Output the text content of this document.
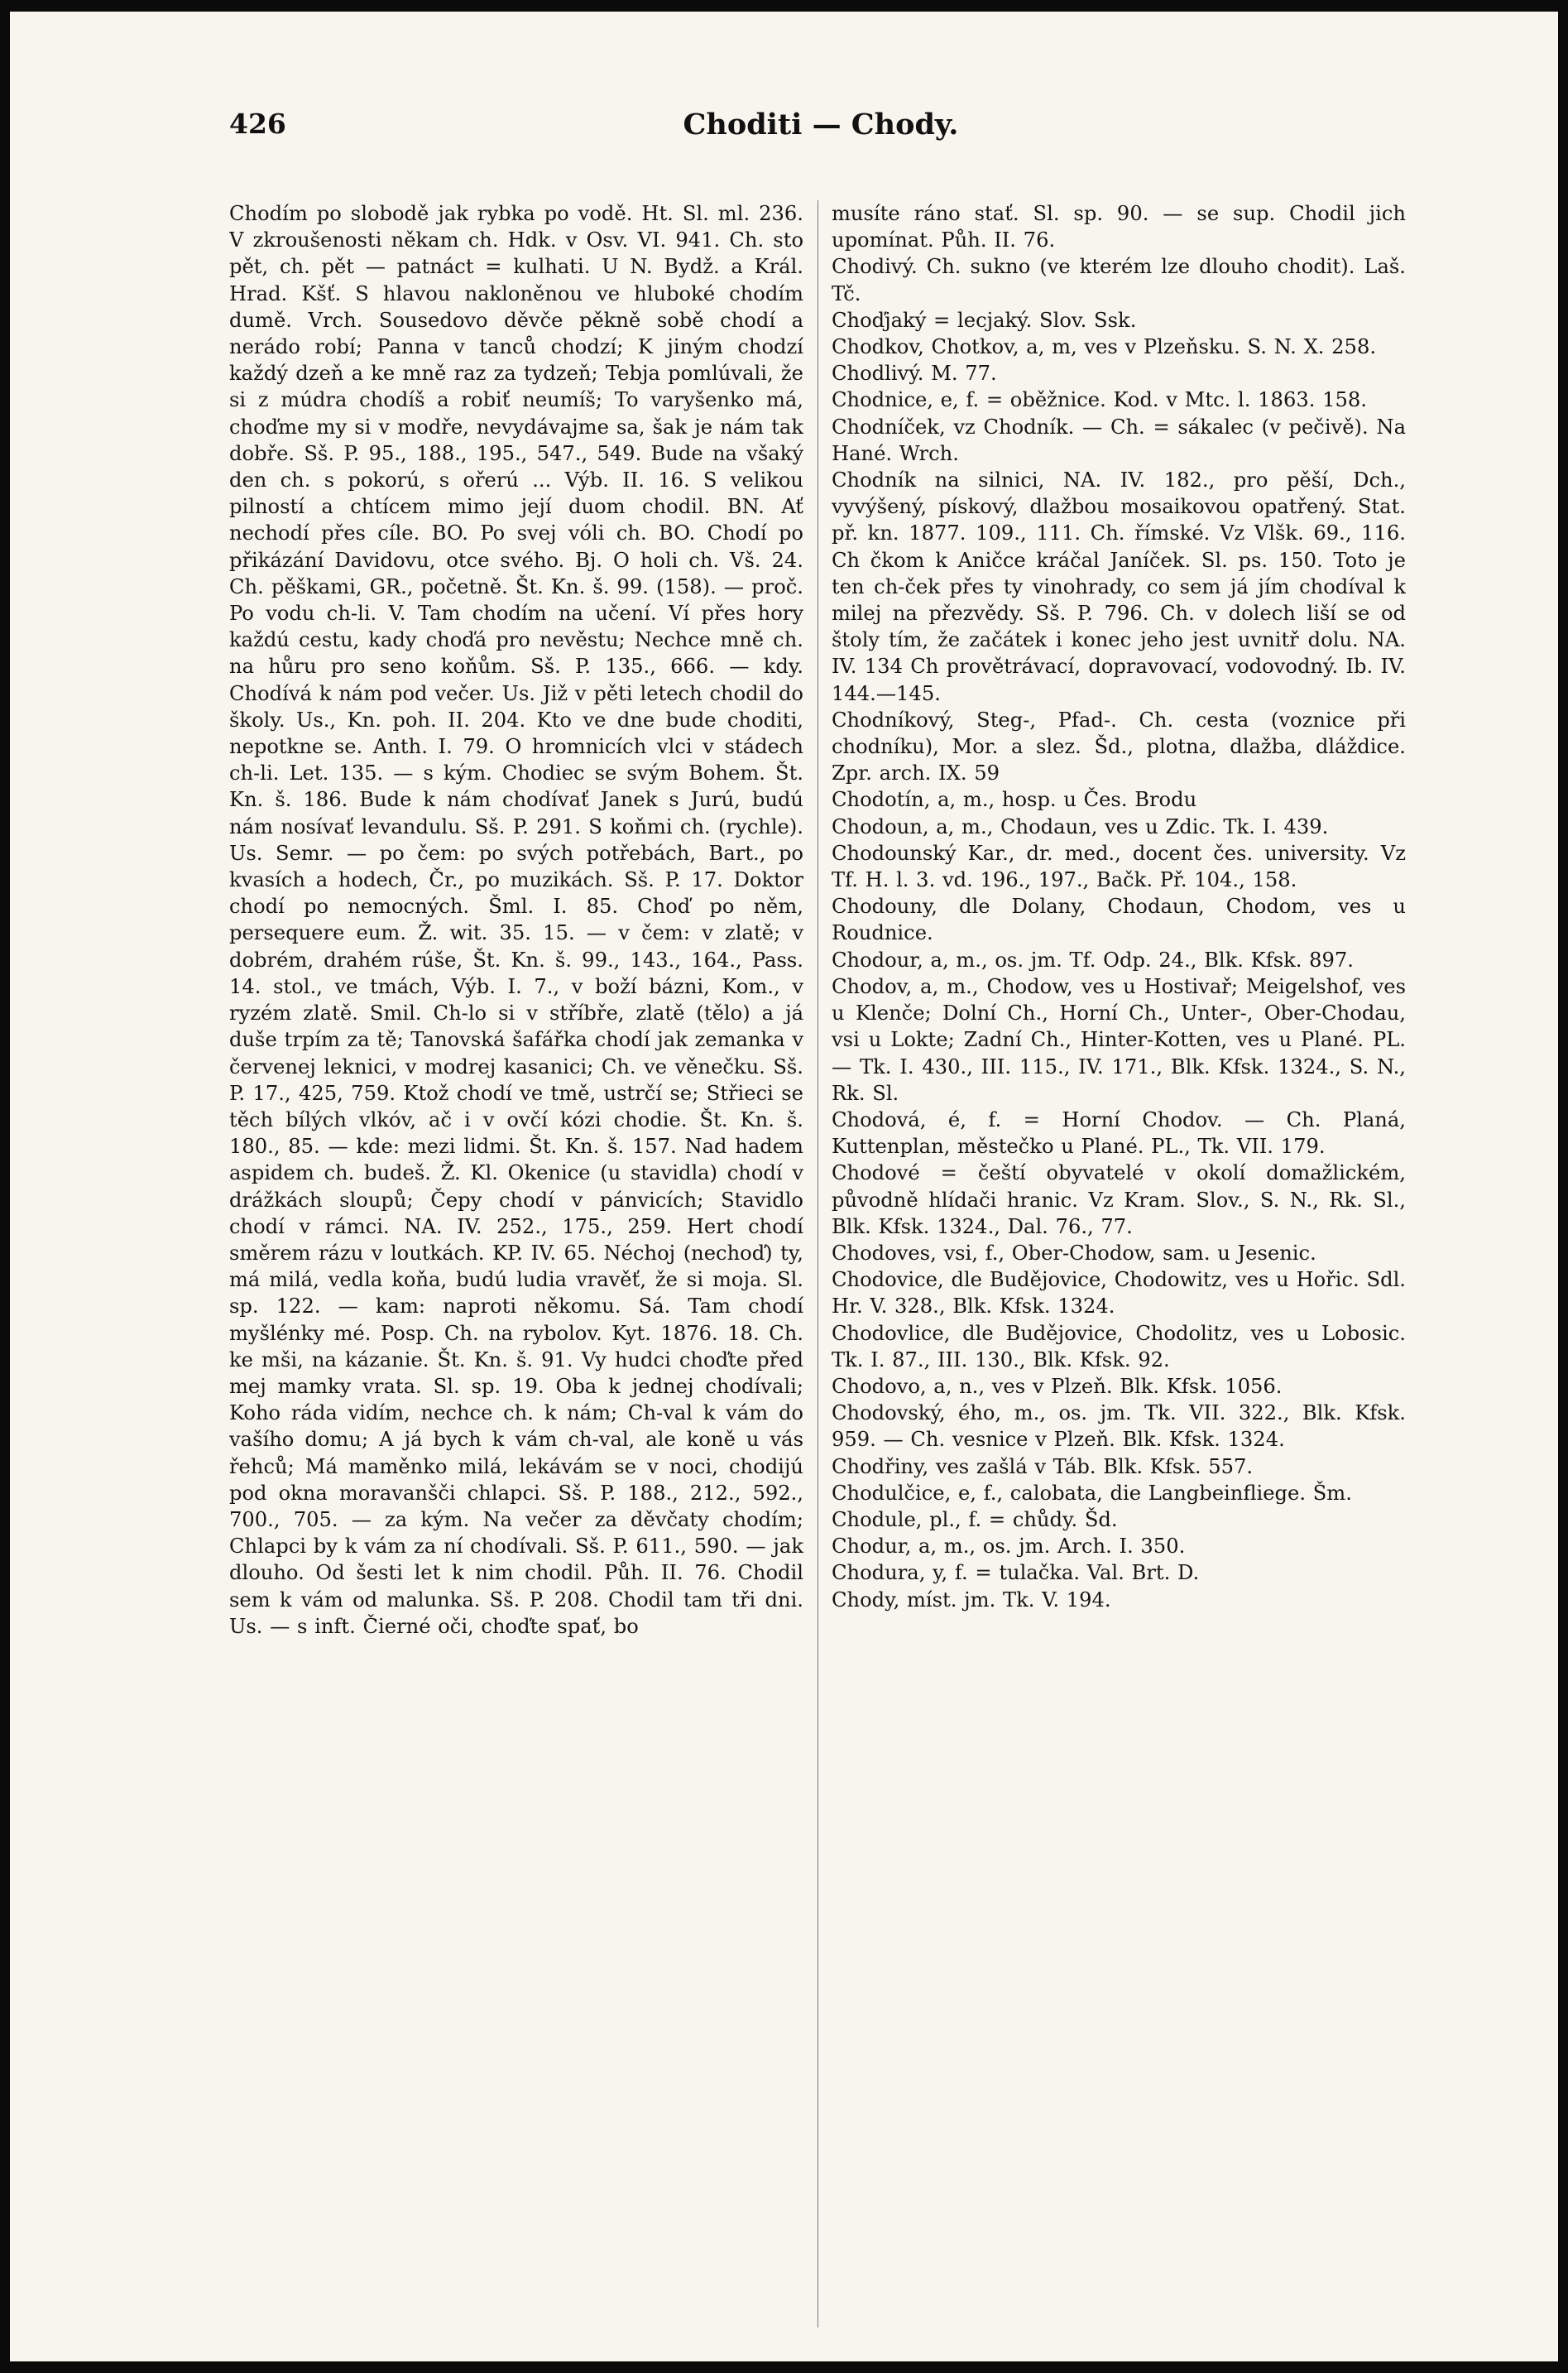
426	Choditi — Chody.

Chodím po slobodě jak rybka po vodě. Ht. Sl. ml. 236. V zkroušenosti někam ch. Hdk. v Osv. VI. 941. Ch. sto pět, ch. pět — patnáct = kulhati. U N. Bydž. a Král. Hrad. Kšť. S hlavou nakloněnou ve hluboké chodím dumě. Vrch. Sousedovo děvče pěkně sobě chodí a nerádo robí; Panna v tanců chodzí; K jiným chodzí každý dzeň a ke mně raz za tydzeň; Tebja pomlúvali, že si z múdra chodíš a robiť neumíš; To varyšenko má, choďme my si v modře, nevydávajme sa, šak je nám tak dobře. Sš. P. 95., 188., 195., 547., 549. Bude na všaký den ch. s pokorú, s ořerú ... Výb. II. 16. S velikou pilností a chtícem mimo její duom chodil. BN. Ať nechodí přes cíle. BO. Po svej vóli ch. BO. Chodí po přikázání Davidovu, otce svého. Bj. O holi ch. Vš. 24. Ch. pěškami, GR., početně. Št. Kn. š. 99. (158). — proč. Po vodu ch-li. V. Tam chodím na učení. Ví přes hory každú cestu, kady choďá pro nevěstu; Nechce mně ch. na hůru pro seno koňům. Sš. P. 135., 666. — kdy. Chodívá k nám pod večer. Us. Již v pěti letech chodil do školy. Us., Kn. poh. II. 204. Kto ve dne bude choditi, nepotkne se. Anth. I. 79. O hromnicích vlci v stádech ch-li. Let. 135. — s kým. Chodiec se svým Bohem. Št. Kn. š. 186. Bude k nám chodívať Janek s Jurú, budú nám nosívať levandulu. Sš. P. 291. S koňmi ch. (rychle). Us. Semr. — po čem: po svých potřebách, Bart., po kvasích a hodech, Čr., po muzikách. Sš. P. 17. Doktor chodí po nemocných. Šml. I. 85. Choď po něm, persequere eum. Ž. wit. 35. 15. — v čem: v zlatě; v dobrém, drahém rúše, Št. Kn. š. 99., 143., 164., Pass. 14. stol., ve tmách, Výb. I. 7., v boží bázni, Kom., v ryzém zlatě. Smil. Ch-lo si v stříbře, zlatě (tělo) a já duše trpím za tě; Tanovská šafářka chodí jak zemanka v červenej leknici, v modrej kasanici; Ch. ve věnečku. Sš. P. 17., 425, 759. Ktož chodí ve tmě, ustrčí se; Střieci se těch bílých vlkóv, ač i v ovčí kózi chodie. Št. Kn. š. 180., 85. — kde: mezi lidmi. Št. Kn. š. 157. Nad hadem aspidem ch. budeš. Ž. Kl. Okenice (u stavidla) chodí v drážkách sloupů; Čepy chodí v pánvicích; Stavidlo chodí v rámci. NA. IV. 252., 175., 259. Hert chodí směrem rázu v loutkách. KP. IV. 65. Néchoj (nechoď) ty, má milá, vedla koňa, budú ludia vravěť, že si moja. Sl. sp. 122. — kam: naproti někomu. Sá. Tam chodí myšlénky mé. Posp. Ch. na rybolov. Kyt. 1876. 18. Ch. ke mši, na kázanie. Št. Kn. š. 91. Vy hudci choďte před mej mamky vrata. Sl. sp. 19. Oba k jednej chodívali; Koho ráda vidím, nechce ch. k nám; Ch-val k vám do vašího domu; A já bych k vám ch-val, ale koně u vás řehců; Má maměnko milá, lekávám se v noci, chodijú pod okna moravanšči chlapci. Sš. P. 188., 212., 592., 700., 705. — za kým. Na večer za děvčaty chodím; Chlapci by k vám za ní chodívali. Sš. P. 611., 590. — jak dlouho. Od šesti let k nim chodil. Půh. II. 76. Chodil sem k vám od malunka. Sš. P. 208. Chodil tam tři dni. Us. — s inft. Čierné oči, choďte spať, bo

musíte ráno stať. Sl. sp. 90. — se sup. Chodil jich upomínat. Půh. II. 76.

Chodivý. Ch. sukno (ve kterém lze dlouho chodit). Laš. Tč.

Choďjaký = lecjaký. Slov. Ssk.

Chodkov, Chotkov, a, m, ves v Plzeňsku. S. N. X. 258.

Chodlivý. M. 77.

Chodnice, e, f. = oběžnice. Kod. v Mtc. l. 1863. 158.

Chodníček, vz Chodník. — Ch. = sákalec (v pečivě). Na Hané. Wrch.

Chodník na silnici, NA. IV. 182., pro pěší, Dch., vyvýšený, pískový, dlažbou mosaikovou opatřený. Stat. př. kn. 1877. 109., 111. Ch. římské. Vz Vlšk. 69., 116. Ch čkom k Aničce kráčal Janíček. Sl. ps. 150. Toto je ten ch-ček přes ty vinohrady, co sem já jím chodíval k milej na přezvědy. Sš. P. 796. Ch. v dolech liší se od štoly tím, že začátek i konec jeho jest uvnitř dolu. NA. IV. 134 Ch provětrávací, dopravovací, vodovodný. Ib. IV. 144.—145.

Chodníkový, Steg-, Pfad-. Ch. cesta (voznice při chodníku), Mor. a slez. Šd., plotna, dlažba, dláždice. Zpr. arch. IX. 59

Chodotín, a, m., hosp. u Čes. Brodu

Chodoun, a, m., Chodaun, ves u Zdic. Tk. I. 439.

Chodounský Kar., dr. med., docent čes. university. Vz Tf. H. l. 3. vd. 196., 197., Bačk. Př. 104., 158.

Chodouny, dle Dolany, Chodaun, Chodom, ves u Roudnice.

Chodour, a, m., os. jm. Tf. Odp. 24., Blk. Kfsk. 897.

Chodov, a, m., Chodow, ves u Hostivař; Meigelshof, ves u Klenče; Dolní Ch., Horní Ch., Unter-, Ober-Chodau, vsi u Lokte; Zadní Ch., Hinter-Kotten, ves u Plané. PL. — Tk. I. 430., III. 115., IV. 171., Blk. Kfsk. 1324., S. N., Rk. Sl.

Chodová, é, f. = Horní Chodov. — Ch. Planá, Kuttenplan, městečko u Plané. PL., Tk. VII. 179.

Chodové = čeští obyvatelé v okolí domažlickém, původně hlídači hranic. Vz Kram. Slov., S. N., Rk. Sl., Blk. Kfsk. 1324., Dal. 76., 77.

Chodoves, vsi, f., Ober-Chodow, sam. u Jesenic.

Chodovice, dle Budějovice, Chodowitz, ves u Hořic. Sdl. Hr. V. 328., Blk. Kfsk. 1324.

Chodovlice, dle Budějovice, Chodolitz, ves u Lobosic. Tk. I. 87., III. 130., Blk. Kfsk. 92.

Chodovo, a, n., ves v Plzeň. Blk. Kfsk. 1056.

Chodovský, ého, m., os. jm. Tk. VII. 322., Blk. Kfsk. 959. — Ch. vesnice v Plzeň. Blk. Kfsk. 1324.

Chodřiny, ves zašlá v Táb. Blk. Kfsk. 557.

Chodulčice, e, f., calobata, die Langbeinfliege. Šm.

Chodule, pl., f. = chůdy. Šd.

Chodur, a, m., os. jm. Arch. I. 350.

Chodura, y, f. = tulačka. Val. Brt. D.

Chody, míst. jm. Tk. V. 194.
